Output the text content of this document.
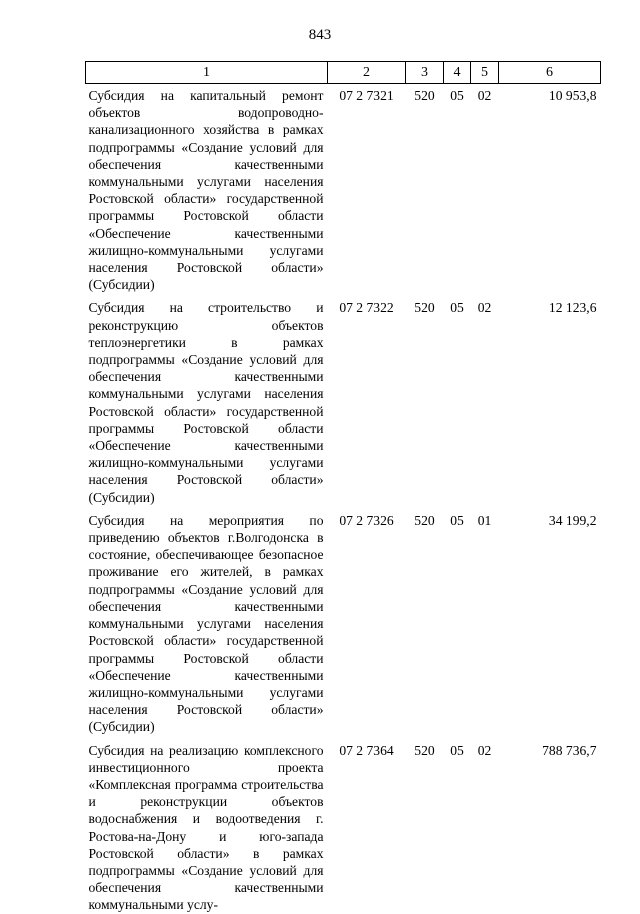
843
1	2	3	4	5	6

Субсидия на капитальный ремонт объектов водопроводно-канализационного хозяйства в рамках подпрограммы «Создание условий для обеспечения качественными коммунальными услугами населения Ростовской области» государственной программы Ростовской области «Обеспечение качественными жилищно-коммунальными услугами населения Ростовской области» (Субсидии)	07 2 7321	520	05	02	10 953,8

Субсидия на строительство и реконструкцию объектов теплоэнергетики в рамках подпрограммы «Создание условий для обеспечения качественными коммунальными услугами населения Ростовской области» государственной программы Ростовской области «Обеспечение качественными жилищно-коммунальными услугами населения Ростовской области» (Субсидии)	07 2 7322	520	05	02	12 123,6

Субсидия на мероприятия по приведению объектов г.Волгодонска в состояние, обеспечивающее безопасное проживание его жителей, в рамках подпрограммы «Создание условий для обеспечения качественными коммунальными услугами населения Ростовской области» государственной программы Ростовской области «Обеспечение качественными жилищно-коммунальными услугами населения Ростовской области» (Субсидии)	07 2 7326	520	05	01	34 199,2

Субсидия на реализацию комплексного инвестиционного проекта «Комплексная программа строительства и реконструкции объектов водоснабжения и водоотведения г. Ростова-на-Дону и юго-запада Ростовской области» в рамках подпрограммы «Создание условий для обеспечения качественными коммунальными услу-	07 2 7364	520	05	02	788 736,7
